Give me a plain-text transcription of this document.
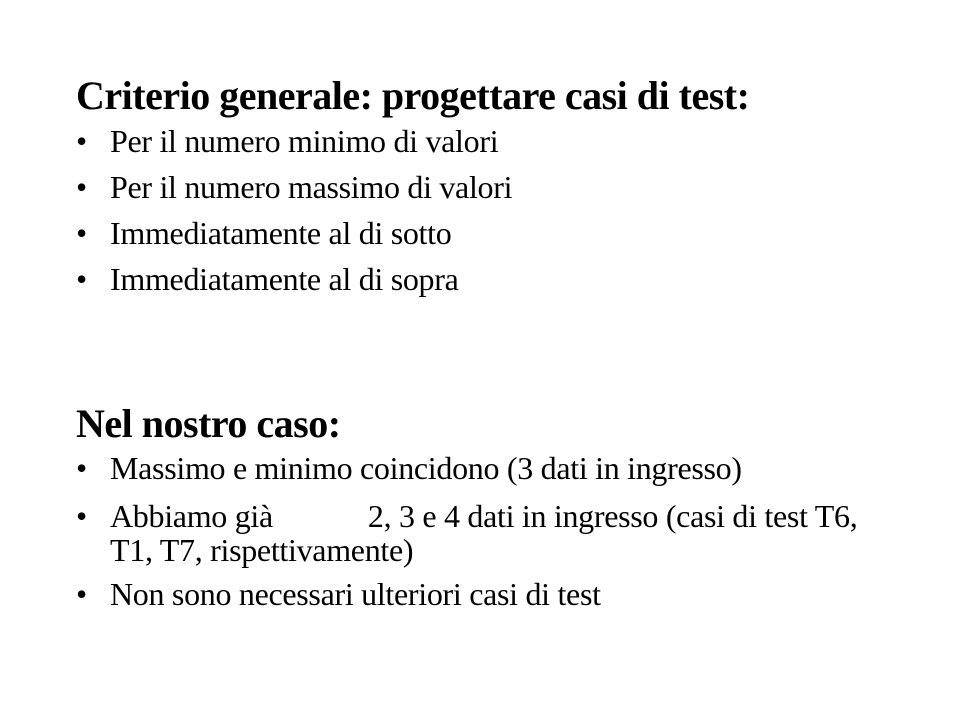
Criterio generale: progettare casi di test:
• Per il numero minimo di valori
• Per il numero massimo di valori
• Immediatamente al di sotto
• Immediatamente al di sopra
Nel nostro caso:
• Massimo e minimo coincidono (3 dati in ingresso)
• Abbiamo già	2, 3 e 4 dati in ingresso (casi di test T6,
T1, T7, rispettivamente)
• Non sono necessari ulteriori casi di test
